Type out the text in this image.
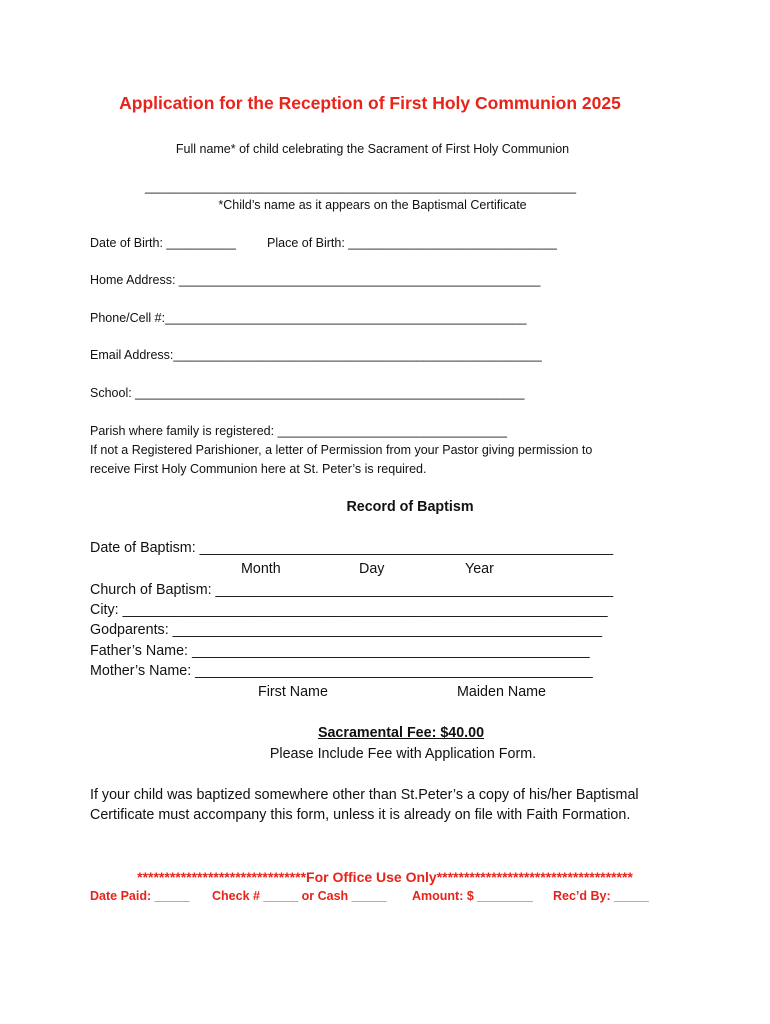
Application for the Reception of First Holy Communion 2025
Full name* of child celebrating the Sacrament of First Holy Communion
______________________________________________________________
*Child’s name as it appears on the Baptismal Certificate
Date of Birth: __________ Place of Birth: ______________________________
Home Address: ____________________________________________________
Phone/Cell #:____________________________________________________
Email Address:_____________________________________________________
School: ________________________________________________________
Parish where family is registered: _________________________________
If not a Registered Parishioner, a letter of Permission from your Pastor giving permission to
receive First Holy Communion here at St. Peter’s is required.
Record of Baptism
Date of Baptism: ____________________________________________________
Month	Day	Year
Church of Baptism: __________________________________________________
City: _____________________________________________________________
Godparents: ______________________________________________________
Father’s Name: __________________________________________________
Mother’s Name: __________________________________________________
First Name	Maiden Name
Sacramental Fee: $40.00
Please Include Fee with Application Form.
If your child was baptized somewhere other than St.Peter’s a copy of his/her Baptismal
Certificate must accompany this form, unless it is already on file with Faith Formation.
*******************************For Office Use Only************************************
Date Paid: _____ Check # _____ or Cash _____ Amount: $ ________ Rec’d By: _____
